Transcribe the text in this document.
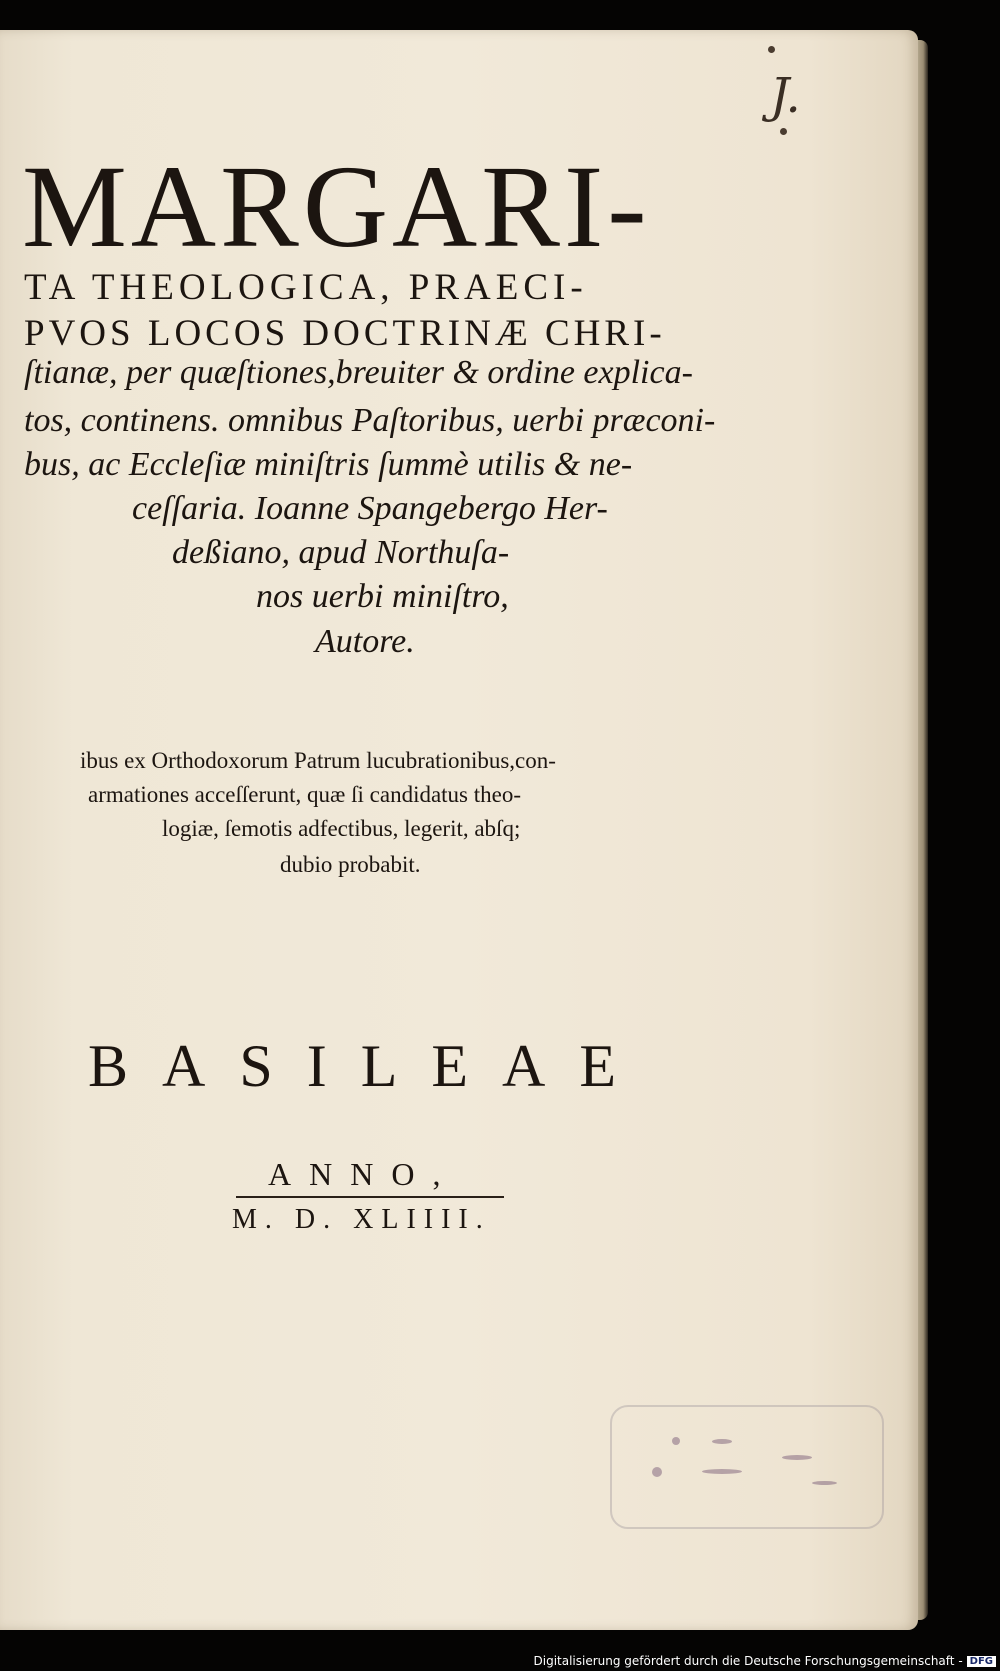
J.
MARGARI-
TA THEOLOGICA, PRAECI-
PVOS LOCOS DOCTRINÆ CHRI-
ſtianæ, per quæſtiones,breuiter & ordine explica-
tos, continens. omnibus Paſtoribus, uerbi præconi-
bus, ac Eccleſiæ miniſtris ſummè utilis & ne-
ceſſaria. Ioanne Spangebergo Her-
deßiano, apud Northuſa-
nos uerbi miniſtro,
Autore.
ibus ex Orthodoxorum Patrum lucubrationibus,con-
armationes acceſſerunt, quæ ſi candidatus theo-
logiæ, ſemotis adfectibus, legerit, abſq;
dubio probabit.
BASILEAE
ANNO,
M. D. XLIIII.
Digitalisierung gefördert durch die Deutsche Forschungsgemeinschaft - DFG
